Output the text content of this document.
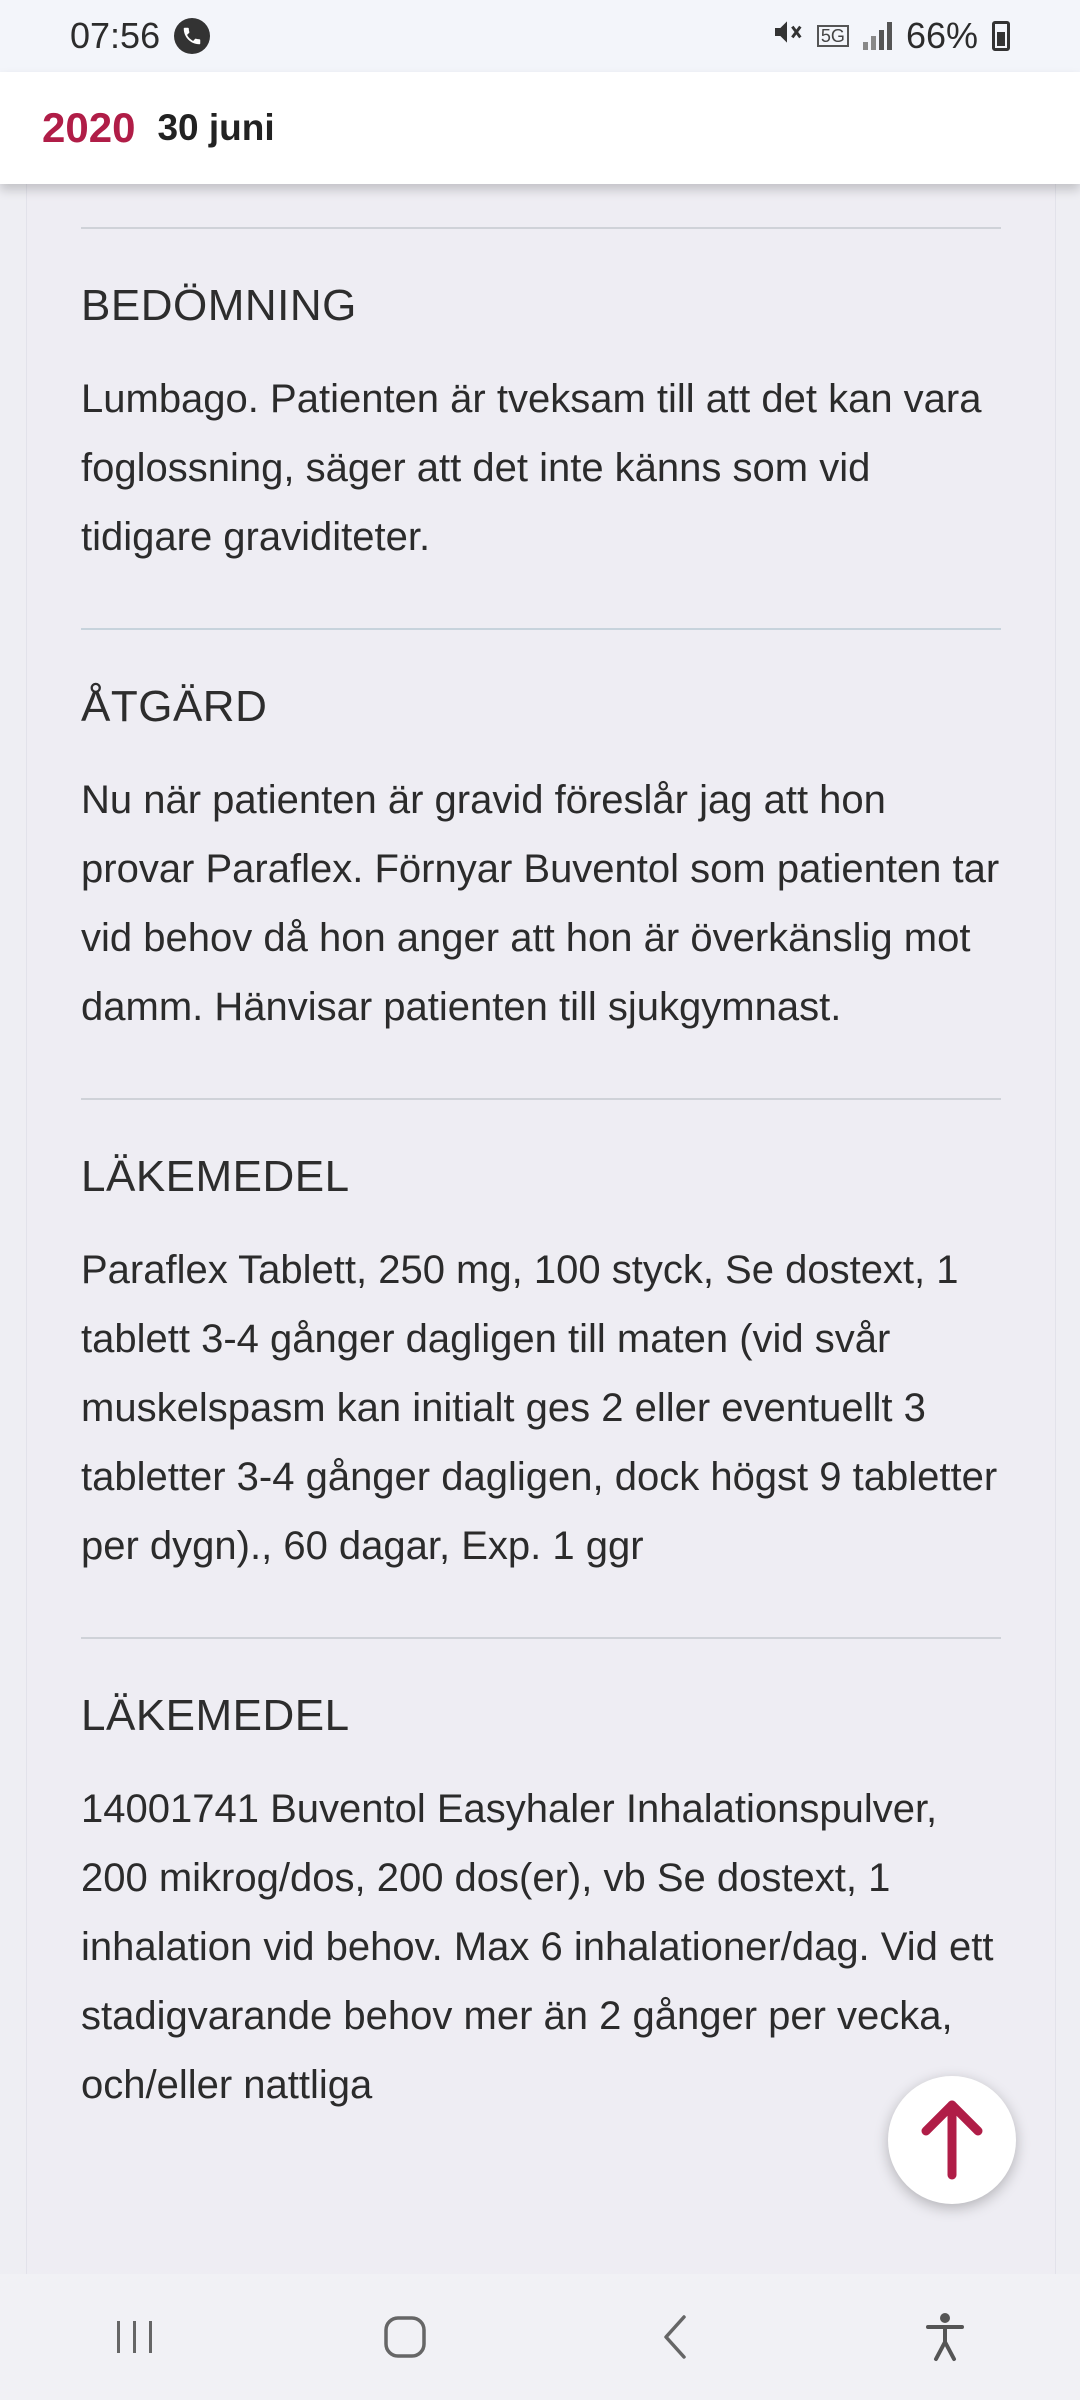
07:56	5G 66%
2020 30 juni
BEDÖMNING
Lumbago. Patienten är tveksam till att det kan vara foglossning, säger att det inte känns som vid tidigare graviditeter.
ÅTGÄRD
Nu när patienten är gravid föreslår jag att hon provar Paraflex. Förnyar Buventol som patienten tar vid behov då hon anger att hon är överkänslig mot damm. Hänvisar patienten till sjukgymnast.
LÄKEMEDEL
Paraflex Tablett, 250 mg, 100 styck, Se dostext, 1 tablett 3-4 gånger dagligen till maten (vid svår muskelspasm kan initialt ges 2 eller eventuellt 3 tabletter 3-4 gånger dagligen, dock högst 9 tabletter per dygn)., 60 dagar, Exp. 1 ggr
LÄKEMEDEL
14001741 Buventol Easyhaler Inhalationspulver, 200 mikrog/dos, 200 dos(er), vb Se dostext, 1 inhalation vid behov. Max 6 inhalationer/dag. Vid ett stadigvarande behov mer än 2 gånger per vecka, och/eller nattliga
